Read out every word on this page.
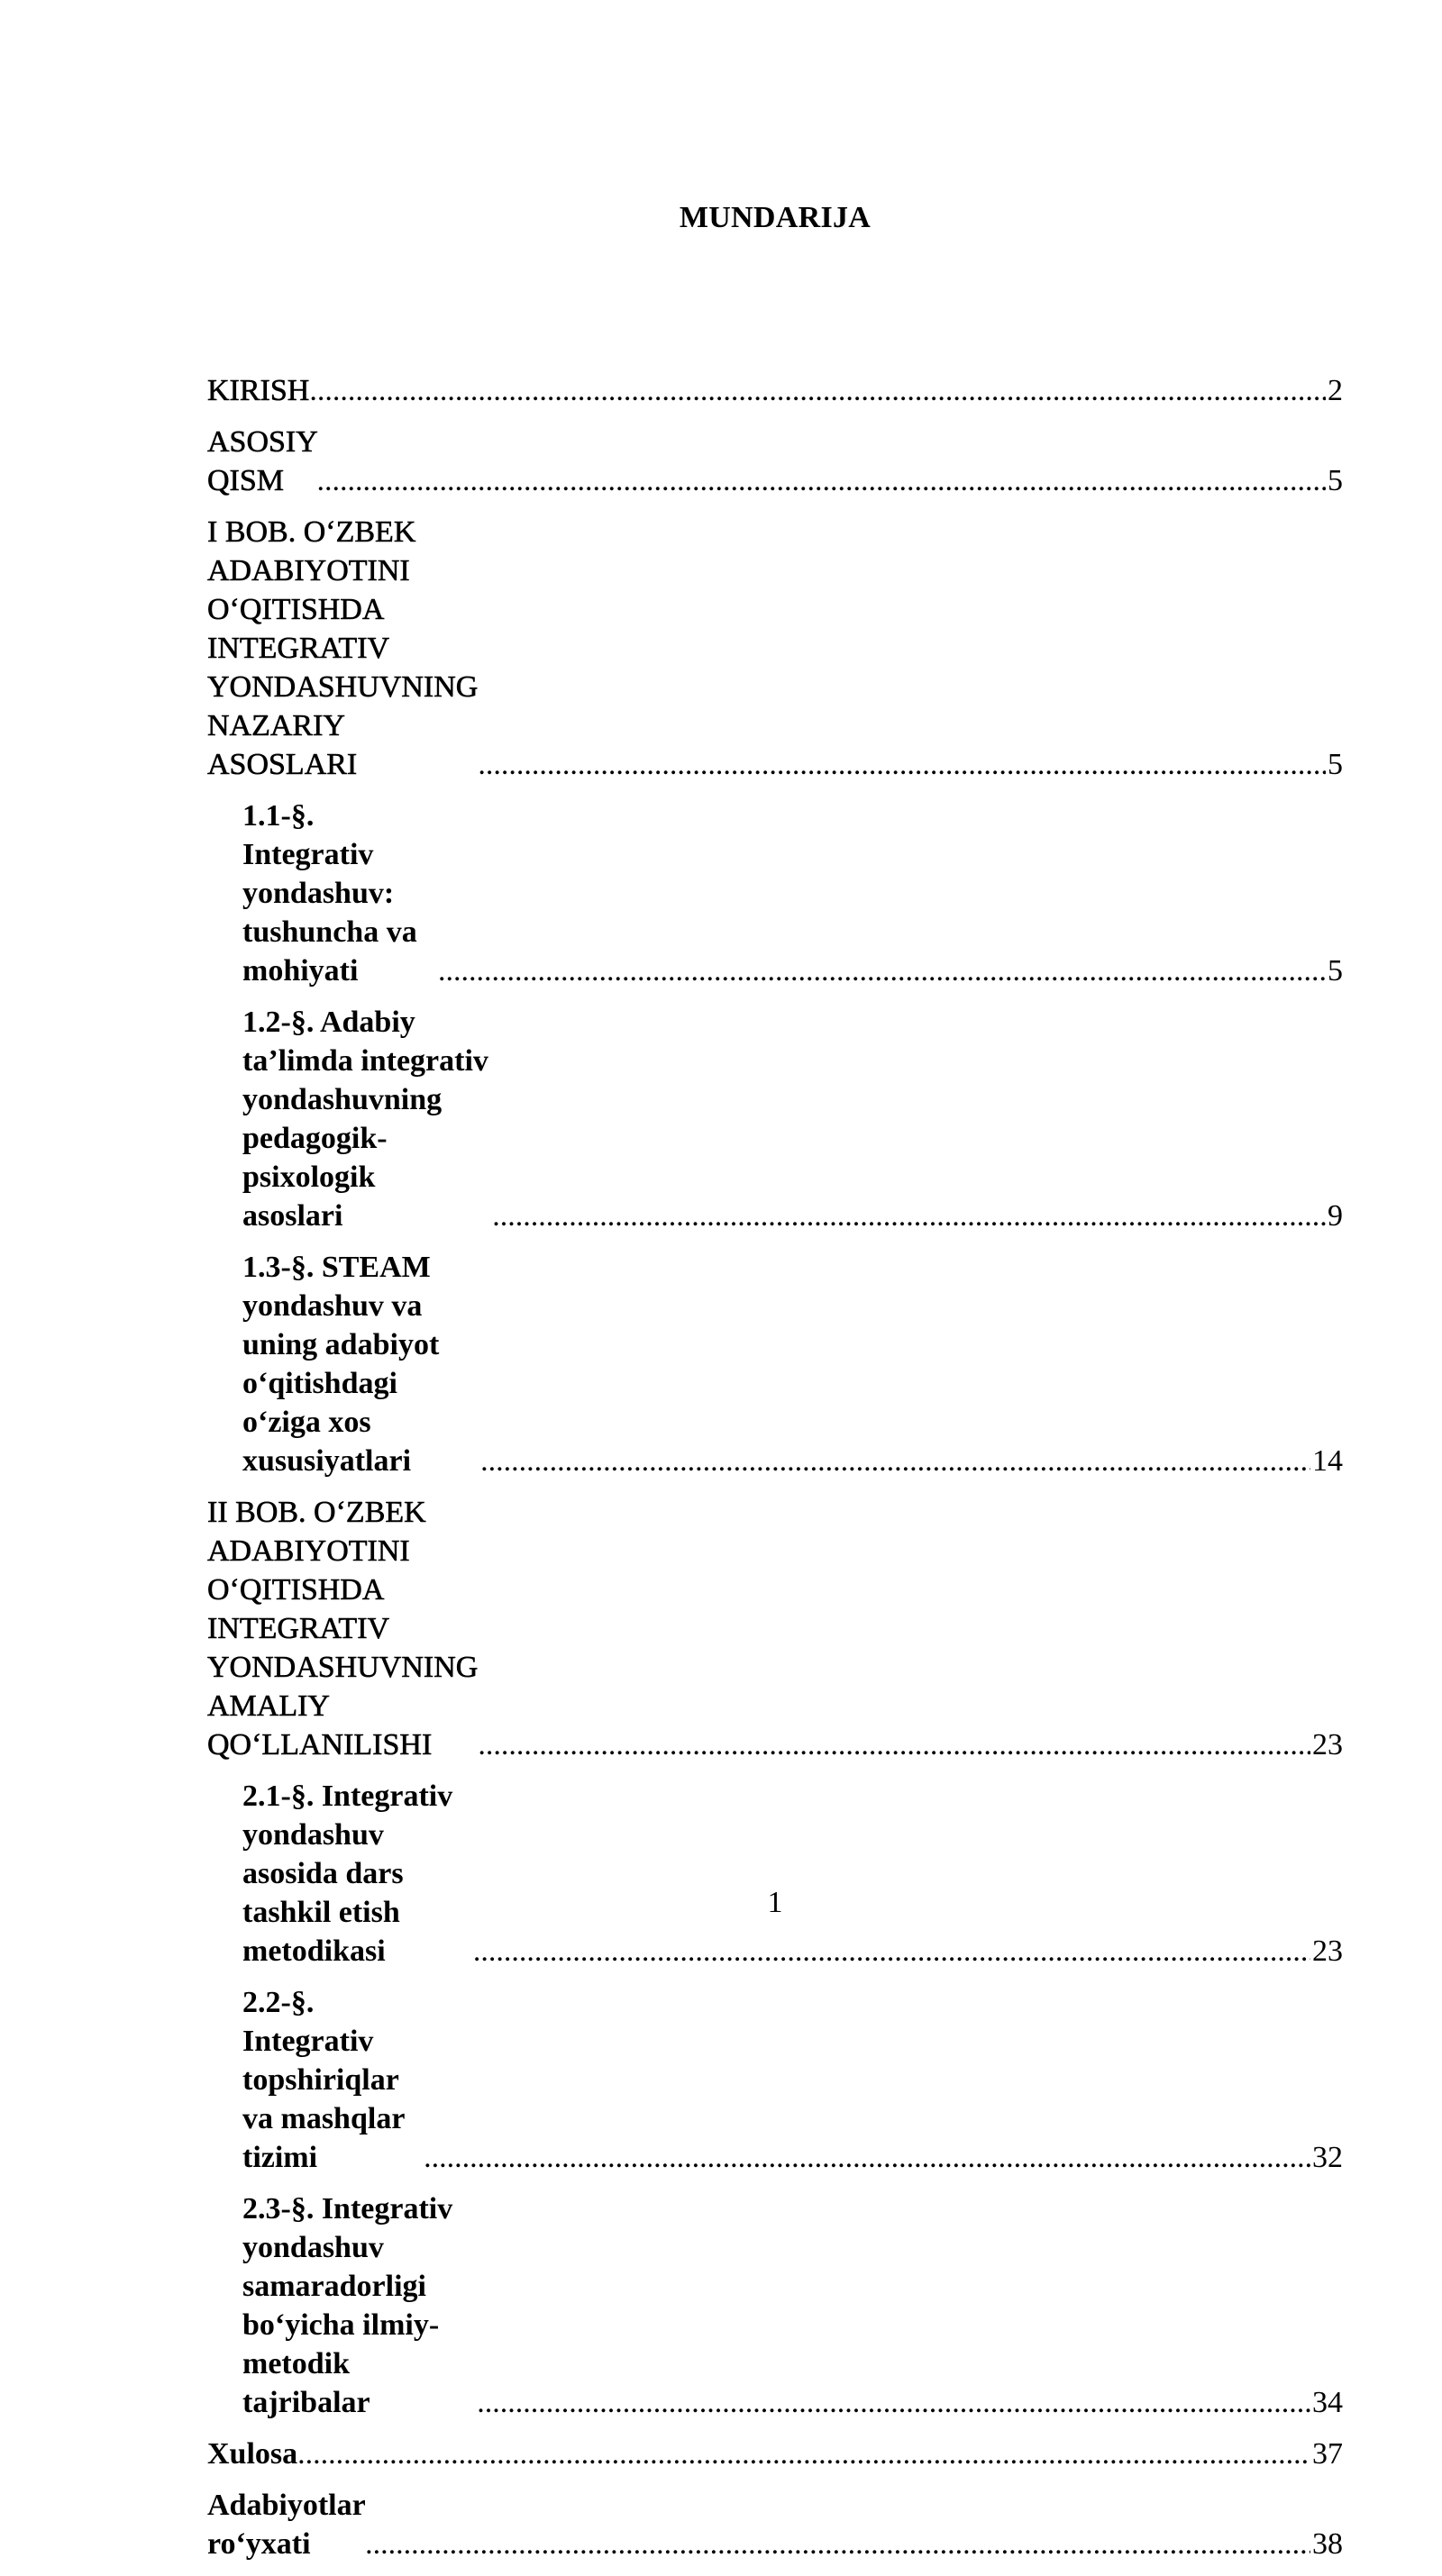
MUNDARIJA
KIRISH .....	2
ASOSIY QISM .....	5
I BOB. O‘ZBEK ADABIYOTINI O‘QITISHDA INTEGRATIV
YONDASHUVNING NAZARIY ASOSLARI .....	5
1.1-§. Integrativ yondashuv: tushuncha va mohiyati .....	5
1.2-§. Adabiy ta’limda integrativ yondashuvning pedagogik-psixologik
asoslari .....	9
1.3-§. STEAM yondashuv va uning adabiyot o‘qitishdagi o‘ziga xos
xususiyatlari .....	14
II BOB. O‘ZBEK ADABIYOTINI O‘QITISHDA INTEGRATIV
YONDASHUVNING AMALIY QO‘LLANILISHI .....	23
2.1-§. Integrativ yondashuv asosida dars tashkil etish metodikasi .....	23
2.2-§. Integrativ topshiriqlar va mashqlar tizimi .....	32
2.3-§. Integrativ yondashuv samaradorligi bo‘yicha ilmiy-metodik
tajribalar .....	34
Xulosa .....	37
Adabiyotlar ro‘yxati .....	38
1
